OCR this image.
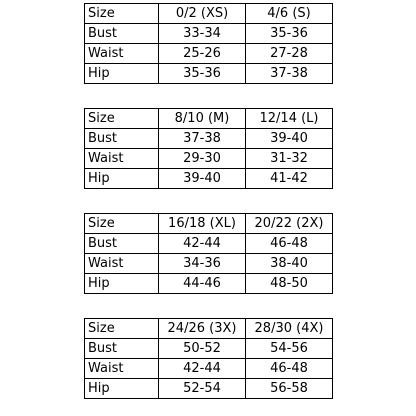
Size	0/2 (XS)	4/6 (S)
Bust	33-34	35-36
Waist	25-26	27-28
Hip	35-36	37-38
Size	8/10 (M)	12/14 (L)
Bust	37-38	39-40
Waist	29-30	31-32
Hip	39-40	41-42
Size	16/18 (XL)	20/22 (2X)
Bust	42-44	46-48
Waist	34-36	38-40
Hip	44-46	48-50
Size	24/26 (3X)	28/30 (4X)
Bust	50-52	54-56
Waist	42-44	46-48
Hip	52-54	56-58
